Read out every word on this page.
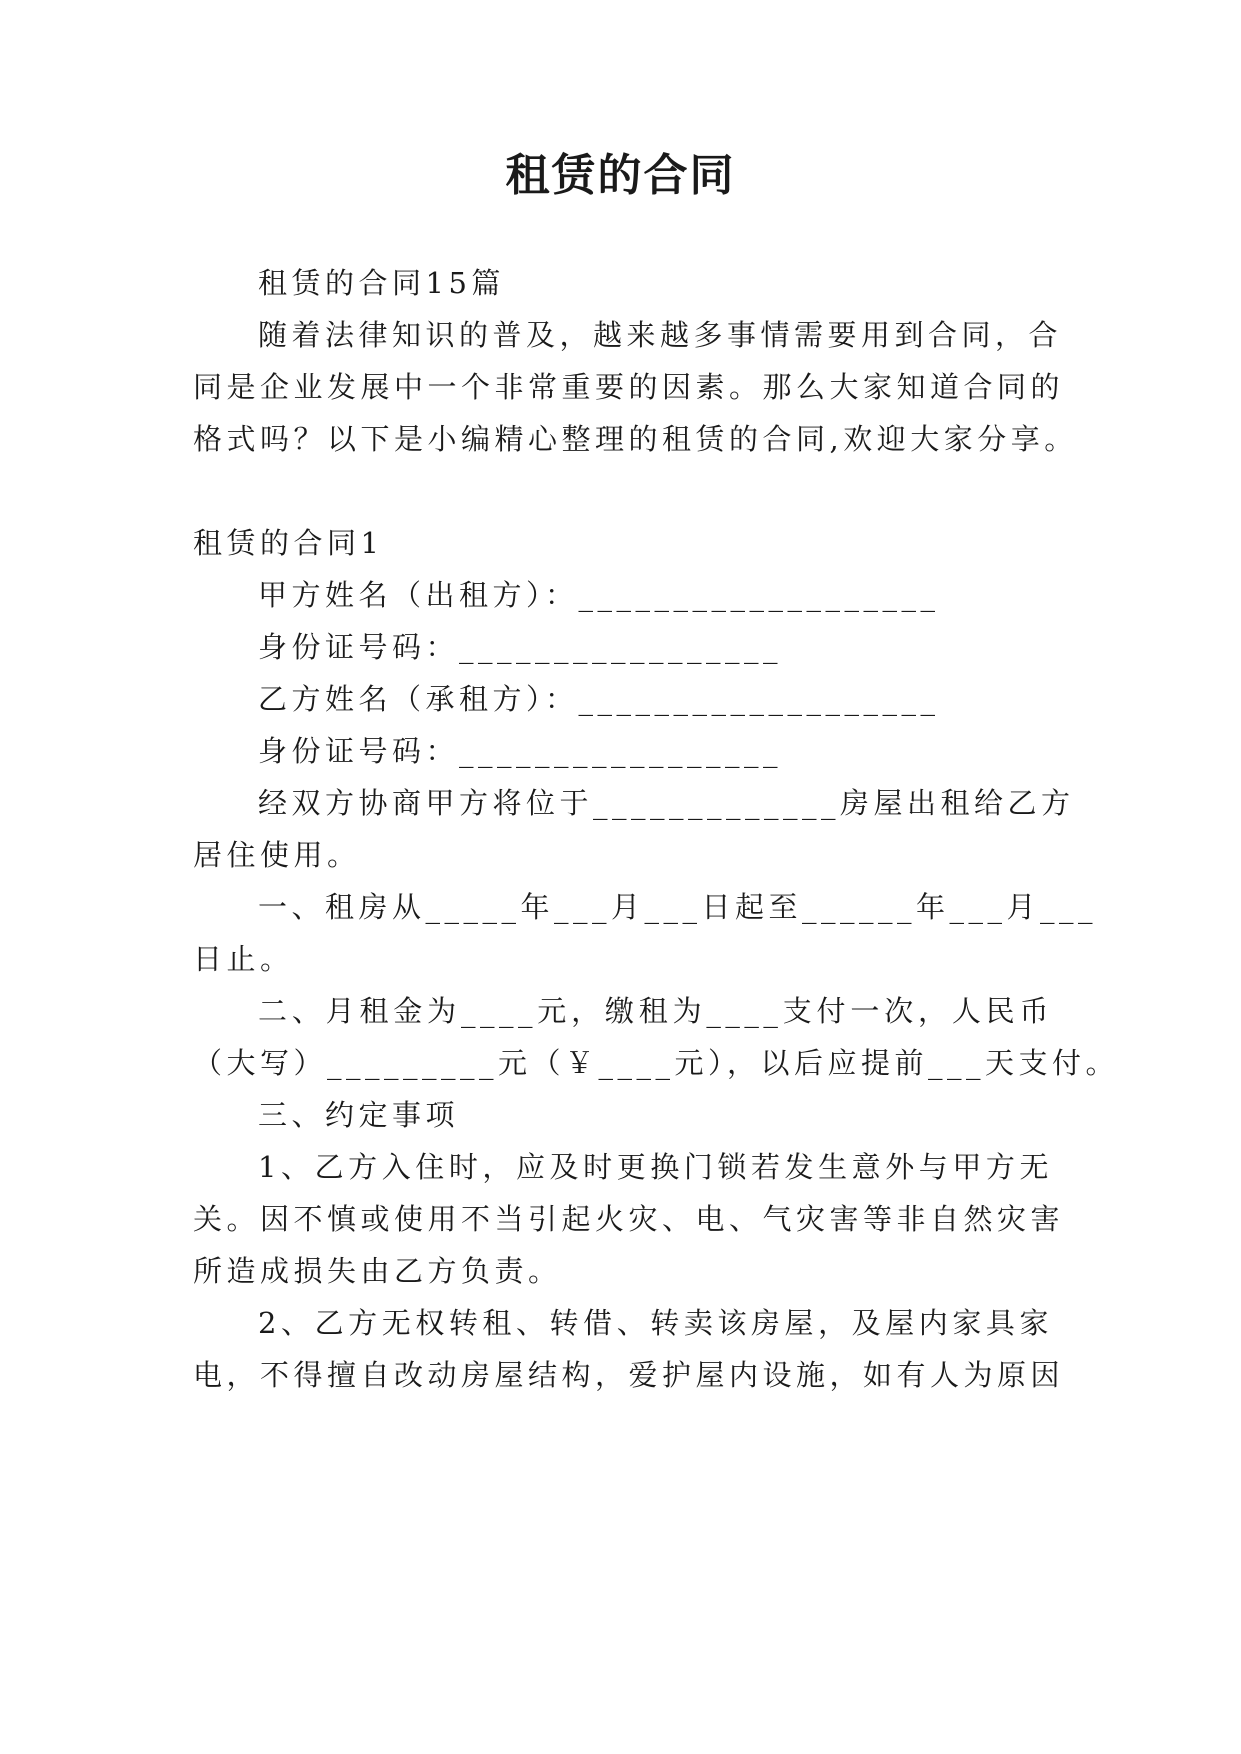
租赁的合同
租赁的合同15篇
随着法律知识的普及，越来越多事情需要用到合同，合
同是企业发展中一个非常重要的因素。那么大家知道合同的
格式吗？以下是小编精心整理的租赁的合同,欢迎大家分享。
租赁的合同1
甲方姓名（出租方）：___________________
身份证号码：_________________
乙方姓名（承租方）：___________________
身份证号码：_________________
经双方协商甲方将位于_____________房屋出租给乙方
居住使用。
一、租房从_____年___月___日起至______年___月___
日止。
二、月租金为____元，缴租为____支付一次，人民币
（大写）_________元（￥____元），以后应提前___天支付。
三、约定事项
1、乙方入住时，应及时更换门锁若发生意外与甲方无
关。因不慎或使用不当引起火灾、电、气灾害等非自然灾害
所造成损失由乙方负责。
2、乙方无权转租、转借、转卖该房屋，及屋内家具家
电，不得擅自改动房屋结构，爱护屋内设施，如有人为原因
